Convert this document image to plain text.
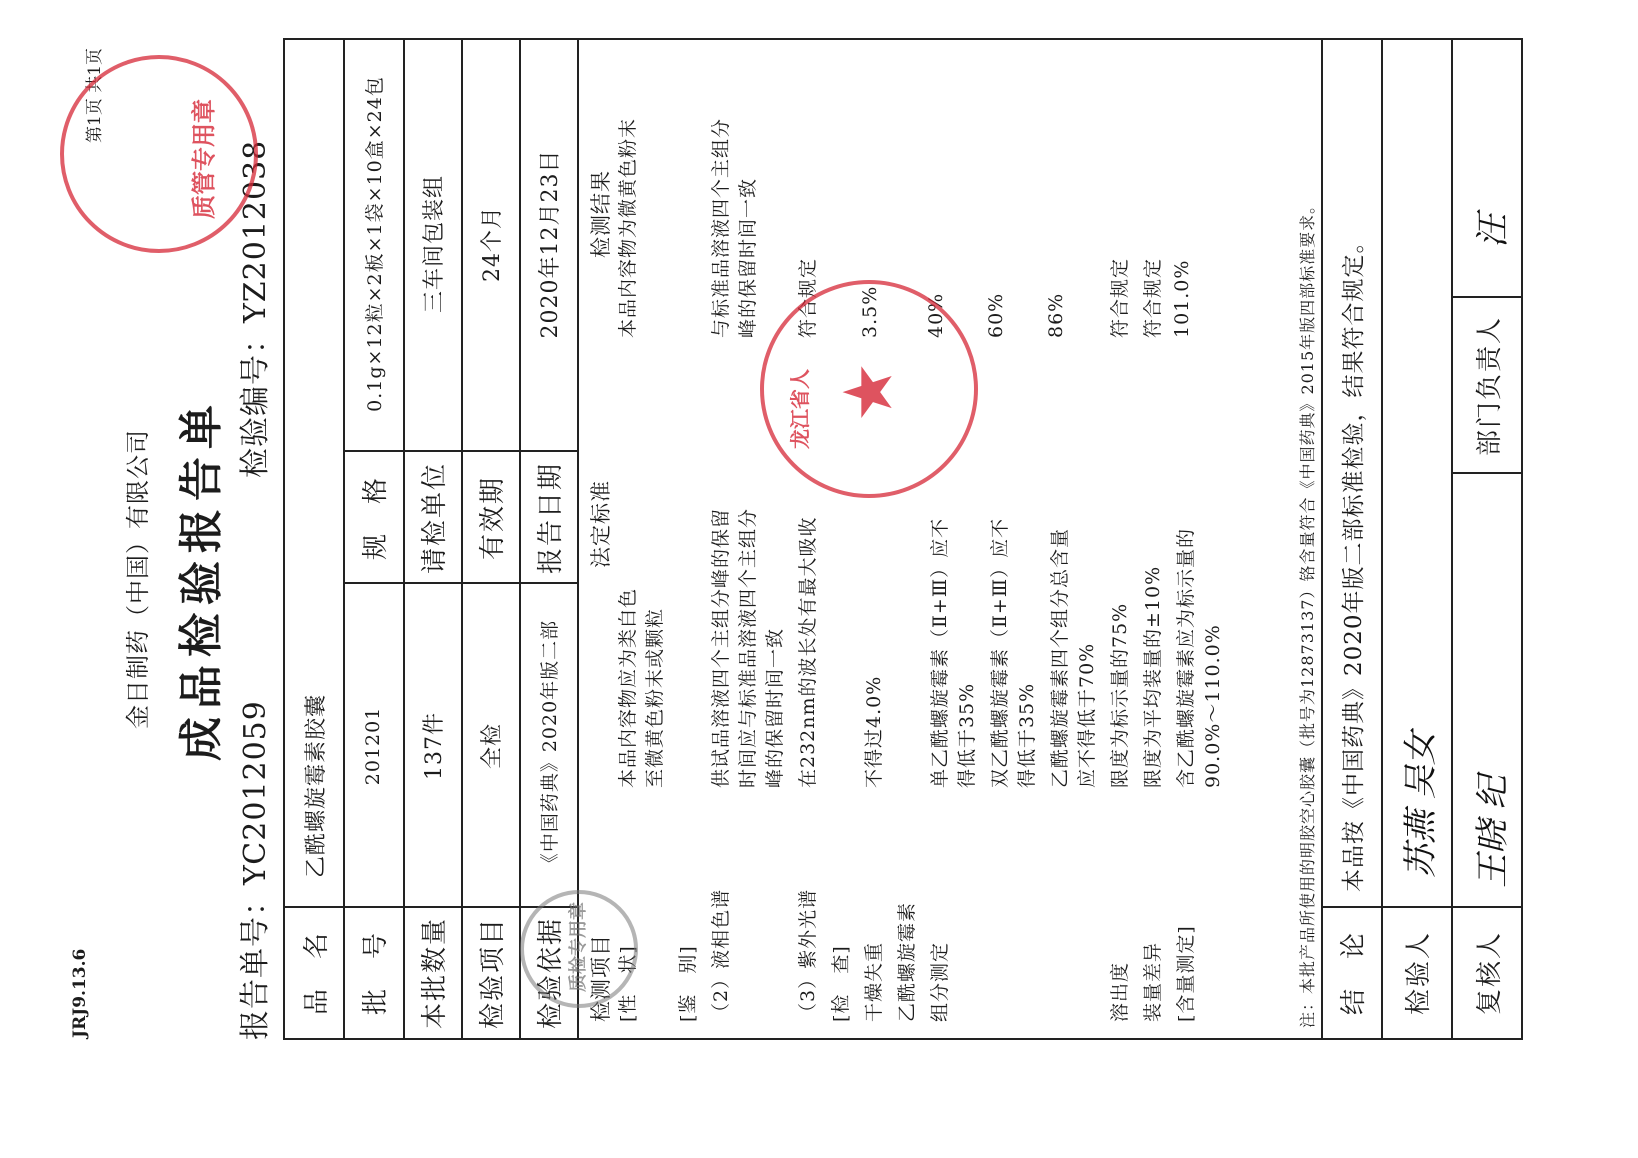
第1页 共1页
JRJ9.13.6
金日制药（中国）有限公司 成品检验报告单
报告单号：YC2012059
检验编号：YZ2012038
品　名
乙酰螺旋霉素胶囊
批　号
201201
规　格
0.1g×12粒×2板×1袋×10盒×24包
本批数量
137件
请检单位
三车间包装组
检验项目
全检
有效期
24个月
检验依据
《中国药典》2020年版二部
报告日期
2020年12月23日
检测项目
法定标准
检测结果
[性　状]
本品内容物应为类白色 至微黄色粉末或颗粒
本品内容物为微黄色粉末
[鉴　别] （2）液相色谱
供试品溶液四个主组分峰的保留 时间应与标准品溶液四个主组分 峰的保留时间一致
与标准品溶液四个主组分 峰的保留时间一致
（3）紫外光谱
在232nm的波长处有最大吸收
符合规定
[检　查] 干燥失重
不得过4.0%
3.5%
乙酰螺旋霉素 组分测定
单乙酰螺旋霉素（Ⅱ+Ⅲ）应不 得低于35%
40%
双乙酰螺旋霉素（Ⅱ+Ⅲ）应不 得低于35%
60%
乙酰螺旋霉素四个组分总含量 应不得低于70%
86%
溶出度
限度为标示量的75%
符合规定
装量差异
限度为平均装量的±10%
符合规定
[含量测定]
含乙酰螺旋霉素应为标示量的 90.0%～110.0%
101.0%	注：本批产品所使用的明胶空心胶囊（批号为12873137）铬含量符合《中国药典》2015年版四部标准要求。 结　论
本品按《中国药典》2020年版二部标准检验，结果符合规定。
检验人
苏燕 吴女
复核人
王晓 纪
部门负责人
汪
质管专用章
质检专用章
★
龙江省人
